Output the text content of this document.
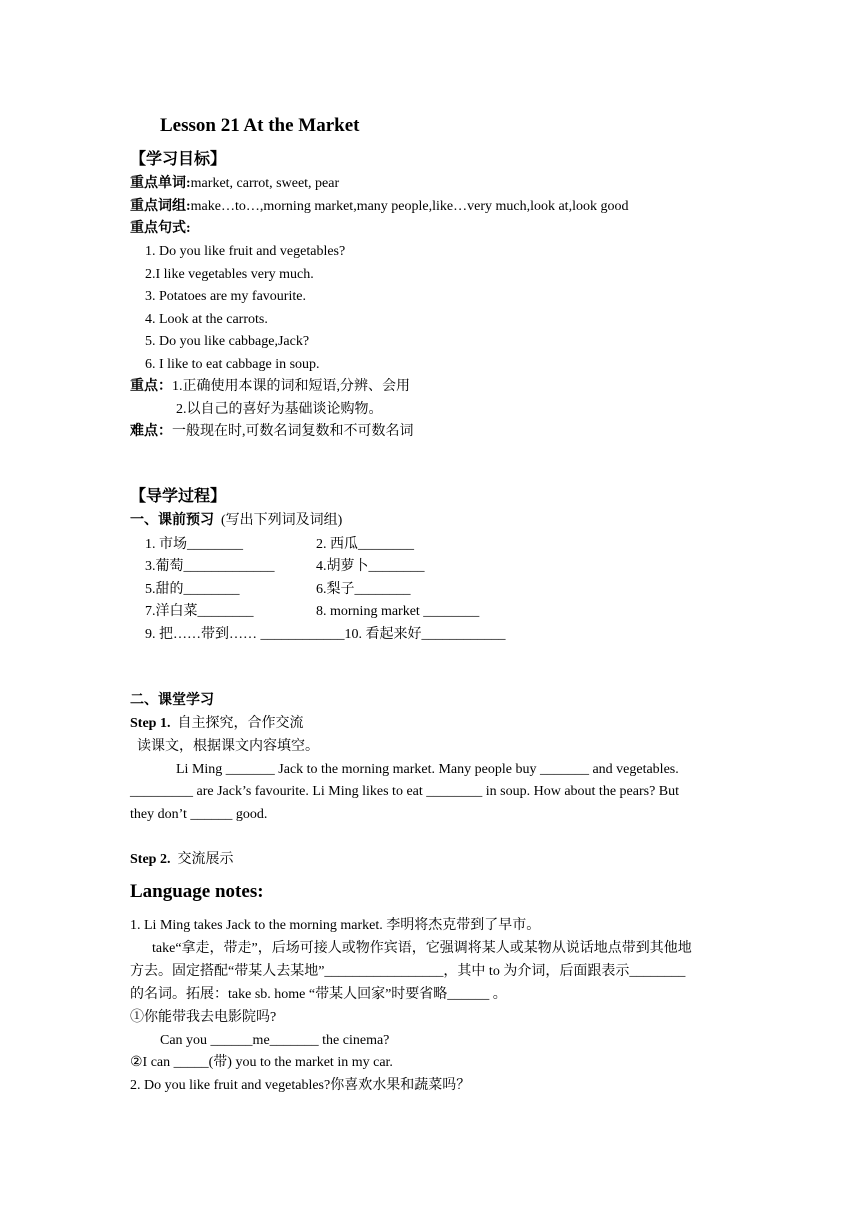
Lesson 21 At the Market
【学习目标】
重点单词:market, carrot, sweet, pear
重点词组:make…to…,morning market,many people,like…very much,look at,look good
重点句式:
1. Do you like fruit and vegetables?
2.I like vegetables very much.
3. Potatoes are my favourite.
4. Look at the carrots.
5. Do you like cabbage,Jack?
6. I like to eat cabbage in soup.
重点：1.正确使用本课的词和短语,分辨、会用
2.以自己的喜好为基础谈论购物。
难点：一般现在时,可数名词复数和不可数名词
【导学过程】
一、课前预习 (写出下列词及词组)
1. 市场________	2. 西瓜________
3.葡萄_____________	4.胡萝卜________
5.甜的________	6.梨子________
7.洋白菜________	8. morning market ________
9. 把……带到…… ____________10. 看起来好____________
二、课堂学习
Step 1. 自主探究，合作交流
读课文，根据课文内容填空。
Li Ming _______ Jack to the morning market. Many people buy _______ and vegetables.
_________ are Jack’s favourite. Li Ming likes to eat ________ in soup. How about the pears? But
they don’t ______ good.
Step 2. 交流展示
Language notes:
1. Li Ming takes Jack to the morning market. 李明将杰克带到了早市。
take“拿走，带走”，后场可接人或物作宾语，它强调将某人或某物从说话地点带到其他地
方去。固定搭配“带某人去某地”_________________，其中 to 为介词，后面跟表示________
的名词。拓展：take sb. home “带某人回家”时要省略______ 。
①你能带我去电影院吗?
Can you ______me_______ the cinema?
②I can _____(带) you to the market in my car.
2. Do you like fruit and vegetables?你喜欢水果和蔬菜吗？
